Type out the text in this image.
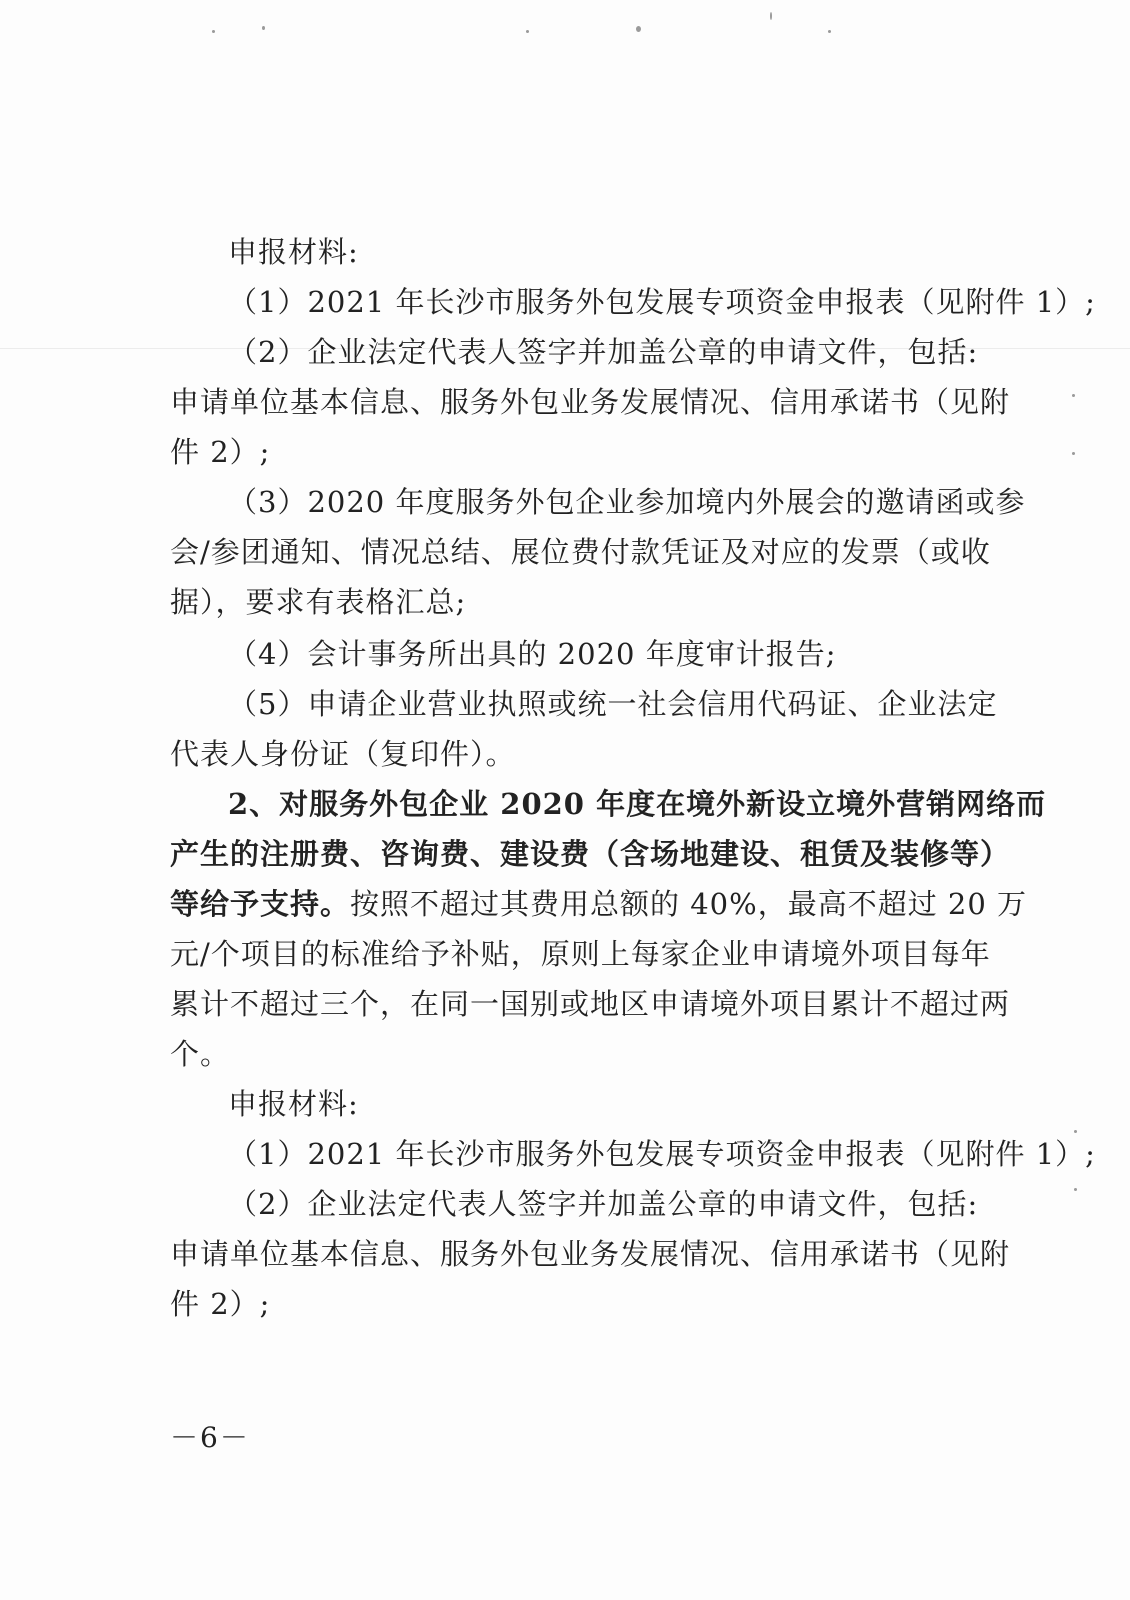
申报材料:

（1）2021 年长沙市服务外包发展专项资金申报表（见附件 1）;

（2）企业法定代表人签字并加盖公章的申请文件，包括:

申请单位基本信息、服务外包业务发展情况、信用承诺书（见附

件 2）;

（3）2020 年度服务外包企业参加境内外展会的邀请函或参

会/参团通知、情况总结、展位费付款凭证及对应的发票（或收

据），要求有表格汇总;

（4）会计事务所出具的 2020 年度审计报告;

（5）申请企业营业执照或统一社会信用代码证、企业法定

代表人身份证（复印件）。

2、对服务外包企业 2020 年度在境外新设立境外营销网络而

产生的注册费、咨询费、建设费（含场地建设、租赁及装修等）

等给予支持。按照不超过其费用总额的 40%，最高不超过 20 万

元/个项目的标准给予补贴，原则上每家企业申请境外项目每年

累计不超过三个，在同一国别或地区申请境外项目累计不超过两

个。

申报材料:

（1）2021 年长沙市服务外包发展专项资金申报表（见附件 1）;

（2）企业法定代表人签字并加盖公章的申请文件，包括:

申请单位基本信息、服务外包业务发展情况、信用承诺书（见附

件 2）;

－6－
